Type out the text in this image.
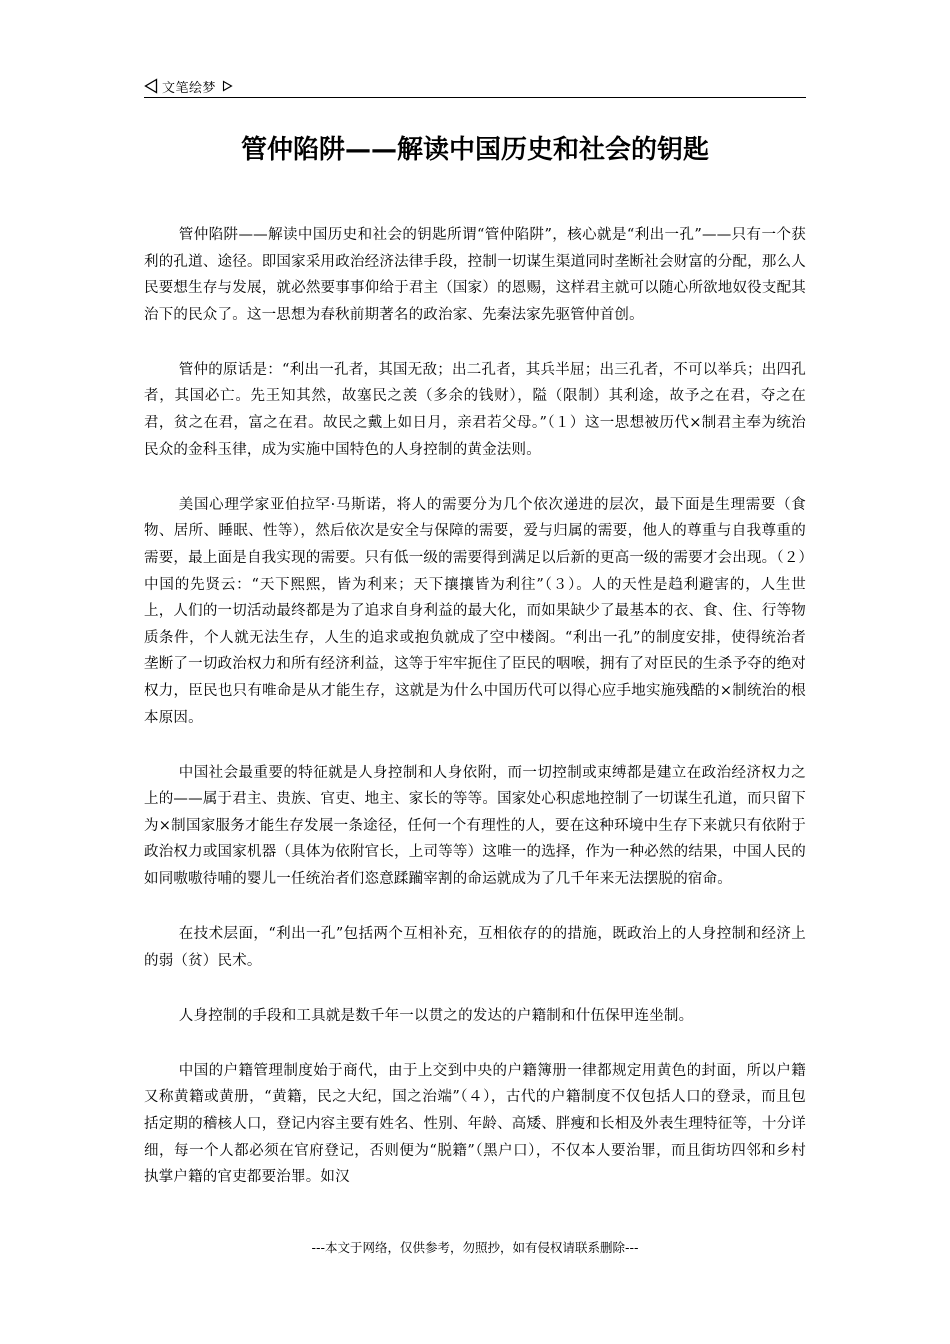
文笔绘梦
管仲陷阱——解读中国历史和社会的钥匙

管仲陷阱——解读中国历史和社会的钥匙所谓“管仲陷阱”，核心就是“利出一孔”——只有一个获利的孔道、途径。即国家采用政治经济法律手段，控制一切谋生渠道同时垄断社会财富的分配，那么人民要想生存与发展，就必然要事事仰给于君主（国家）的恩赐，这样君主就可以随心所欲地奴役支配其治下的民众了。这一思想为春秋前期著名的政治家、先秦法家先驱管仲首创。

管仲的原话是：“利出一孔者，其国无敌；出二孔者，其兵半屈；出三孔者，不可以举兵；出四孔者，其国必亡。先王知其然，故塞民之羡（多余的钱财），隘（限制）其利途，故予之在君，夺之在君，贫之在君，富之在君。故民之戴上如日月，亲君若父母。”（１）这一思想被历代×制君主奉为统治民众的金科玉律，成为实施中国特色的人身控制的黄金法则。

美国心理学家亚伯拉罕·马斯诺，将人的需要分为几个依次递进的层次，最下面是生理需要（食物、居所、睡眠、性等），然后依次是安全与保障的需要，爱与归属的需要，他人的尊重与自我尊重的需要，最上面是自我实现的需要。只有低一级的需要得到满足以后新的更高一级的需要才会出现。（２）中国的先贤云：“天下熙熙，皆为利来；天下攘攘皆为利往”（３）。人的天性是趋利避害的，人生世上，人们的一切活动最终都是为了追求自身利益的最大化，而如果缺少了最基本的衣、食、住、行等物质条件，个人就无法生存，人生的追求或抱负就成了空中楼阁。“利出一孔”的制度安排，使得统治者垄断了一切政治权力和所有经济利益，这等于牢牢扼住了臣民的咽喉，拥有了对臣民的生杀予夺的绝对权力，臣民也只有唯命是从才能生存，这就是为什么中国历代可以得心应手地实施残酷的×制统治的根本原因。

中国社会最重要的特征就是人身控制和人身依附，而一切控制或束缚都是建立在政治经济权力之上的——属于君主、贵族、官吏、地主、家长的等等。国家处心积虑地控制了一切谋生孔道，而只留下为×制国家服务才能生存发展一条途径，任何一个有理性的人，要在这种环境中生存下来就只有依附于政治权力或国家机器（具体为依附官长，上司等等）这唯一的选择，作为一种必然的结果，中国人民的如同嗷嗷待哺的婴儿一任统治者们恣意蹂躏宰割的命运就成为了几千年来无法摆脱的宿命。

在技术层面，“利出一孔”包括两个互相补充，互相依存的的措施，既政治上的人身控制和经济上的弱（贫）民术。

人身控制的手段和工具就是数千年一以贯之的发达的户籍制和什伍保甲连坐制。

中国的户籍管理制度始于商代，由于上交到中央的户籍簿册一律都规定用黄色的封面，所以户籍又称黄籍或黄册，“黄籍，民之大纪，国之治端”（４），古代的户籍制度不仅包括人口的登录，而且包括定期的稽核人口，登记内容主要有姓名、性别、年龄、高矮、胖瘦和长相及外表生理特征等，十分详细，每一个人都必须在官府登记，否则便为“脱籍”（黑户口），不仅本人要治罪，而且街坊四邻和乡村执掌户籍的官吏都要治罪。如汉

---本文于网络，仅供参考，勿照抄，如有侵权请联系删除---
